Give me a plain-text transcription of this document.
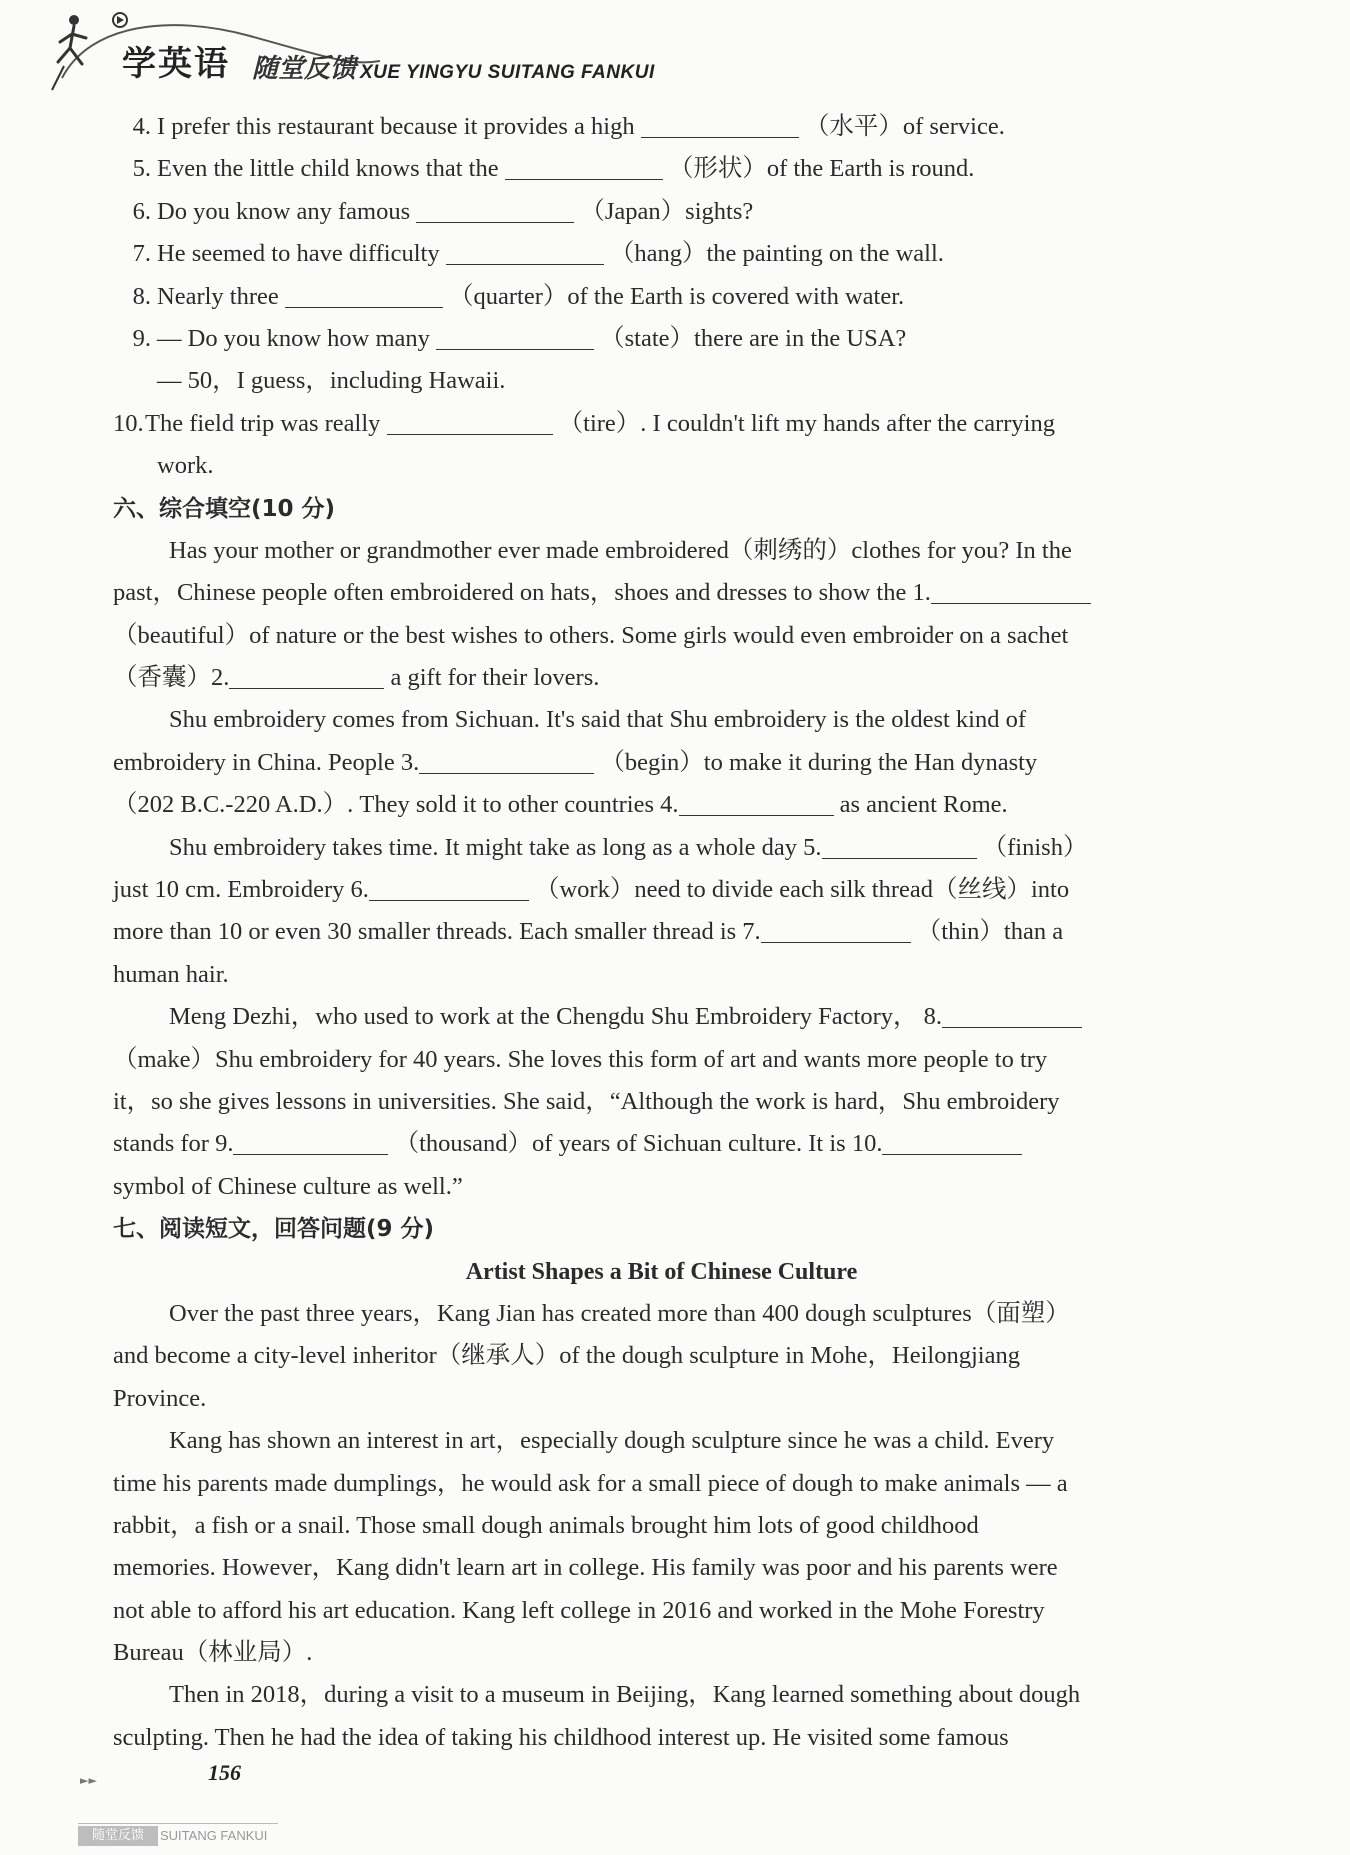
学英语 随堂反馈 XUE YINGYU SUITANG FANKUI
4. I prefer this restaurant because it provides a high	（水平）of service.
5. Even the little child knows that the	（形状）of the Earth is round.
6. Do you know any famous	（Japan）sights?
7. He seemed to have difficulty	（hang）the painting on the wall.
8. Nearly three	（quarter）of the Earth is covered with water.
9. — Do you know how many	（state）there are in the USA?
— 50，I guess，including Hawaii.
10.The field trip was really	（tire）. I couldn't lift my hands after the carrying
work.
六、综合填空(10 分)
Has your mother or grandmother ever made embroidered（刺绣的）clothes for you? In the
past，Chinese people often embroidered on hats，shoes and dresses to show the 1.
（beautiful）of nature or the best wishes to others. Some girls would even embroider on a sachet
（香囊）2.	a gift for their lovers.
Shu embroidery comes from Sichuan. It's said that Shu embroidery is the oldest kind of
embroidery in China. People 3.	（begin）to make it during the Han dynasty
（202 B.C.-220 A.D.）. They sold it to other countries 4.	as ancient Rome.
Shu embroidery takes time. It might take as long as a whole day 5.	（finish）
just 10 cm. Embroidery 6.	（work）need to divide each silk thread（丝线）into
more than 10 or even 30 smaller threads. Each smaller thread is 7.	（thin）than a
human hair.
Meng Dezhi，who used to work at the Chengdu Shu Embroidery Factory， 8.
（make）Shu embroidery for 40 years. She loves this form of art and wants more people to try
it，so she gives lessons in universities. She said，“Although the work is hard，Shu embroidery
stands for 9.	（thousand）of years of Sichuan culture. It is 10.
symbol of Chinese culture as well.”
七、阅读短文，回答问题(9 分)
Artist Shapes a Bit of Chinese Culture
Over the past three years，Kang Jian has created more than 400 dough sculptures（面塑）
and become a city-level inheritor（继承人）of the dough sculpture in Mohe，Heilongjiang
Province.
Kang has shown an interest in art，especially dough sculpture since he was a child. Every
time his parents made dumplings，he would ask for a small piece of dough to make animals — a
rabbit，a fish or a snail. Those small dough animals brought him lots of good childhood
memories. However，Kang didn't learn art in college. His family was poor and his parents were
not able to afford his art education. Kang left college in 2016 and worked in the Mohe Forestry
Bureau（林业局）.
Then in 2018，during a visit to a museum in Beijing，Kang learned something about dough
sculpting. Then he had the idea of taking his childhood interest up. He visited some famous
►►	156
随堂反馈	SUITANG FANKUI
